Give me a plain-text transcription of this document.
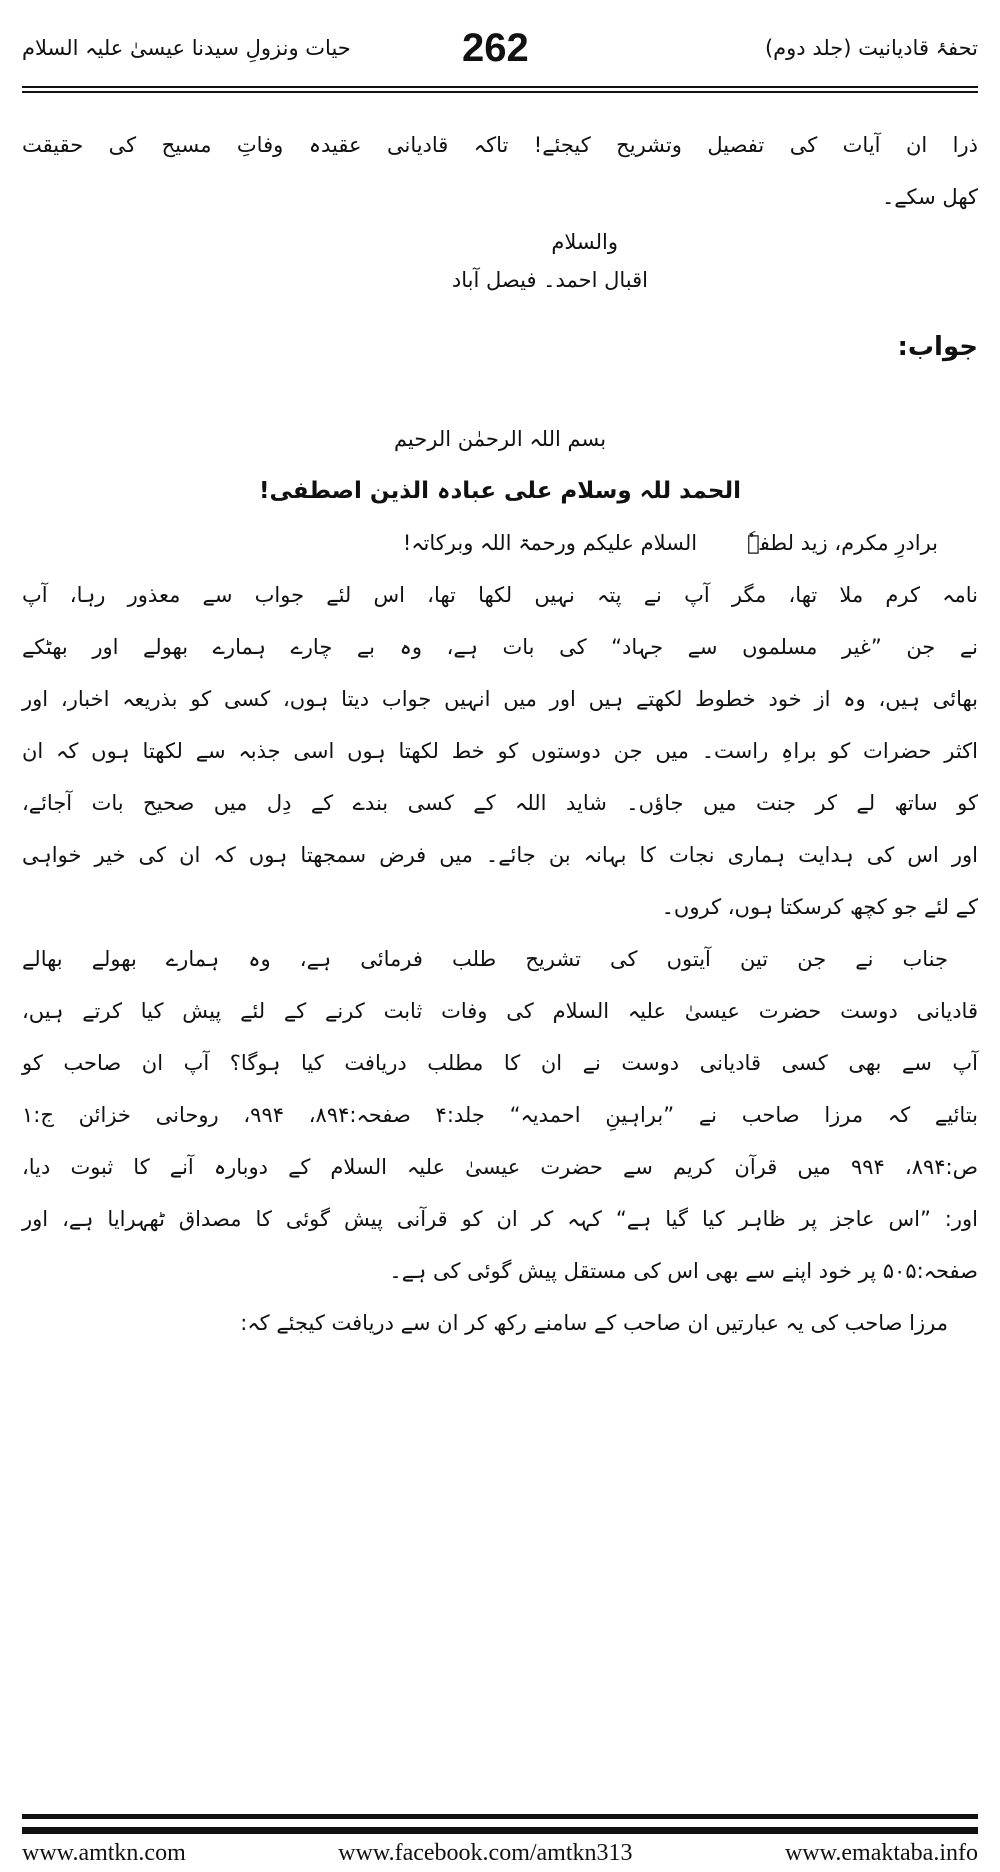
تحفۂ قادیانیت (جلد دوم)
262
حیات ونزولِ سیدنا عیسیٰ علیہ السلام
ذرا ان آیات کی تفصیل وتشریح کیجئے! تاکہ قادیانی عقیدہ وفاتِ مسیح کی حقیقت
کھل سکے۔
والسلام
اقبال احمد۔ فیصل آباد
جواب:
بسم اللہ الرحمٰن الرحیم
الحمد للہ وسلام علی عبادہ الذین اصطفی!
برادرِ مکرم، زید لطفہٗ
السلام علیکم ورحمۃ اللہ وبرکاتہ!
نامہ کرم ملا تھا، مگر آپ نے پتہ نہیں لکھا تھا، اس لئے جواب سے معذور رہا، آپ
نے جن ”غیر مسلموں سے جہاد“ کی بات ہے، وہ بے چارے ہمارے بھولے اور بھٹکے
بھائی ہیں، وہ از خود خطوط لکھتے ہیں اور میں انہیں جواب دیتا ہوں، کسی کو بذریعہ اخبار، اور
اکثر حضرات کو براہِ راست۔ میں جن دوستوں کو خط لکھتا ہوں اسی جذبہ سے لکھتا ہوں کہ ان
کو ساتھ لے کر جنت میں جاؤں۔ شاید اللہ کے کسی بندے کے دِل میں صحیح بات آجائے،
اور اس کی ہدایت ہماری نجات کا بہانہ بن جائے۔ میں فرض سمجھتا ہوں کہ ان کی خیر خواہی
کے لئے جو کچھ کرسکتا ہوں، کروں۔
جناب نے جن تین آیتوں کی تشریح طلب فرمائی ہے، وہ ہمارے بھولے بھالے
قادیانی دوست حضرت عیسیٰ علیہ السلام کی وفات ثابت کرنے کے لئے پیش کیا کرتے ہیں،
آپ سے بھی کسی قادیانی دوست نے ان کا مطلب دریافت کیا ہوگا؟ آپ ان صاحب کو
بتائیے کہ مرزا صاحب نے ”براہینِ احمدیہ“ جلد:۴ صفحہ:۸۹۴، ۹۹۴، روحانی خزائن ج:۱
ص:۸۹۴، ۹۹۴ میں قرآن کریم سے حضرت عیسیٰ علیہ السلام کے دوبارہ آنے کا ثبوت دیا،
اور: ”اس عاجز پر ظاہر کیا گیا ہے“ کہہ کر ان کو قرآنی پیش گوئی کا مصداق ٹھہرایا ہے، اور
صفحہ:۵۰۵ پر خود اپنے سے بھی اس کی مستقل پیش گوئی کی ہے۔
مرزا صاحب کی یہ عبارتیں ان صاحب کے سامنے رکھ کر ان سے دریافت کیجئے کہ:
www.amtkn.com	www.facebook.com/amtkn313	www.emaktaba.info
